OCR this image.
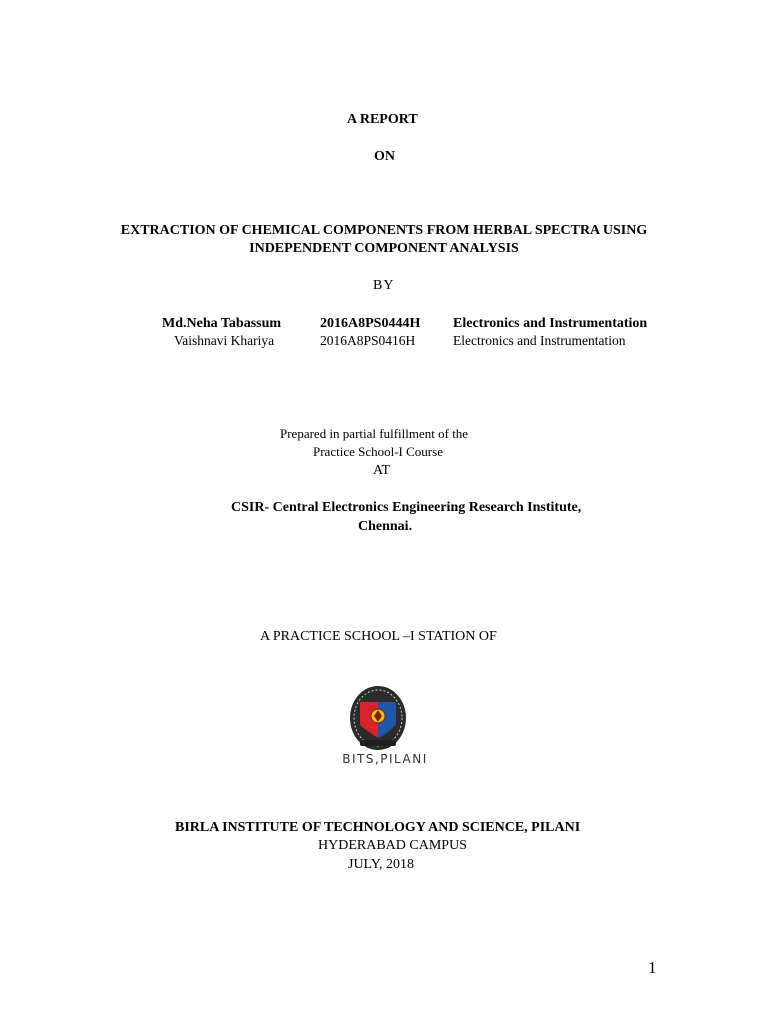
A REPORT
ON
EXTRACTION OF CHEMICAL COMPONENTS FROM HERBAL SPECTRA USING
INDEPENDENT COMPONENT ANALYSIS
BY
Md.Neha Tabassum	2016A8PS0444H Electronics and Instrumentation
Vaishnavi Khariya	2016A8PS0416H	Electronics and Instrumentation
Prepared in partial fulfillment of the
Practice School-I Course
AT
CSIR- Central Electronics Engineering Research Institute,
Chennai.
A PRACTICE SCHOOL –I STATION OF
BITS,PILANI
BIRLA INSTITUTE OF TECHNOLOGY AND SCIENCE, PILANI
HYDERABAD CAMPUS
JULY, 2018
1
